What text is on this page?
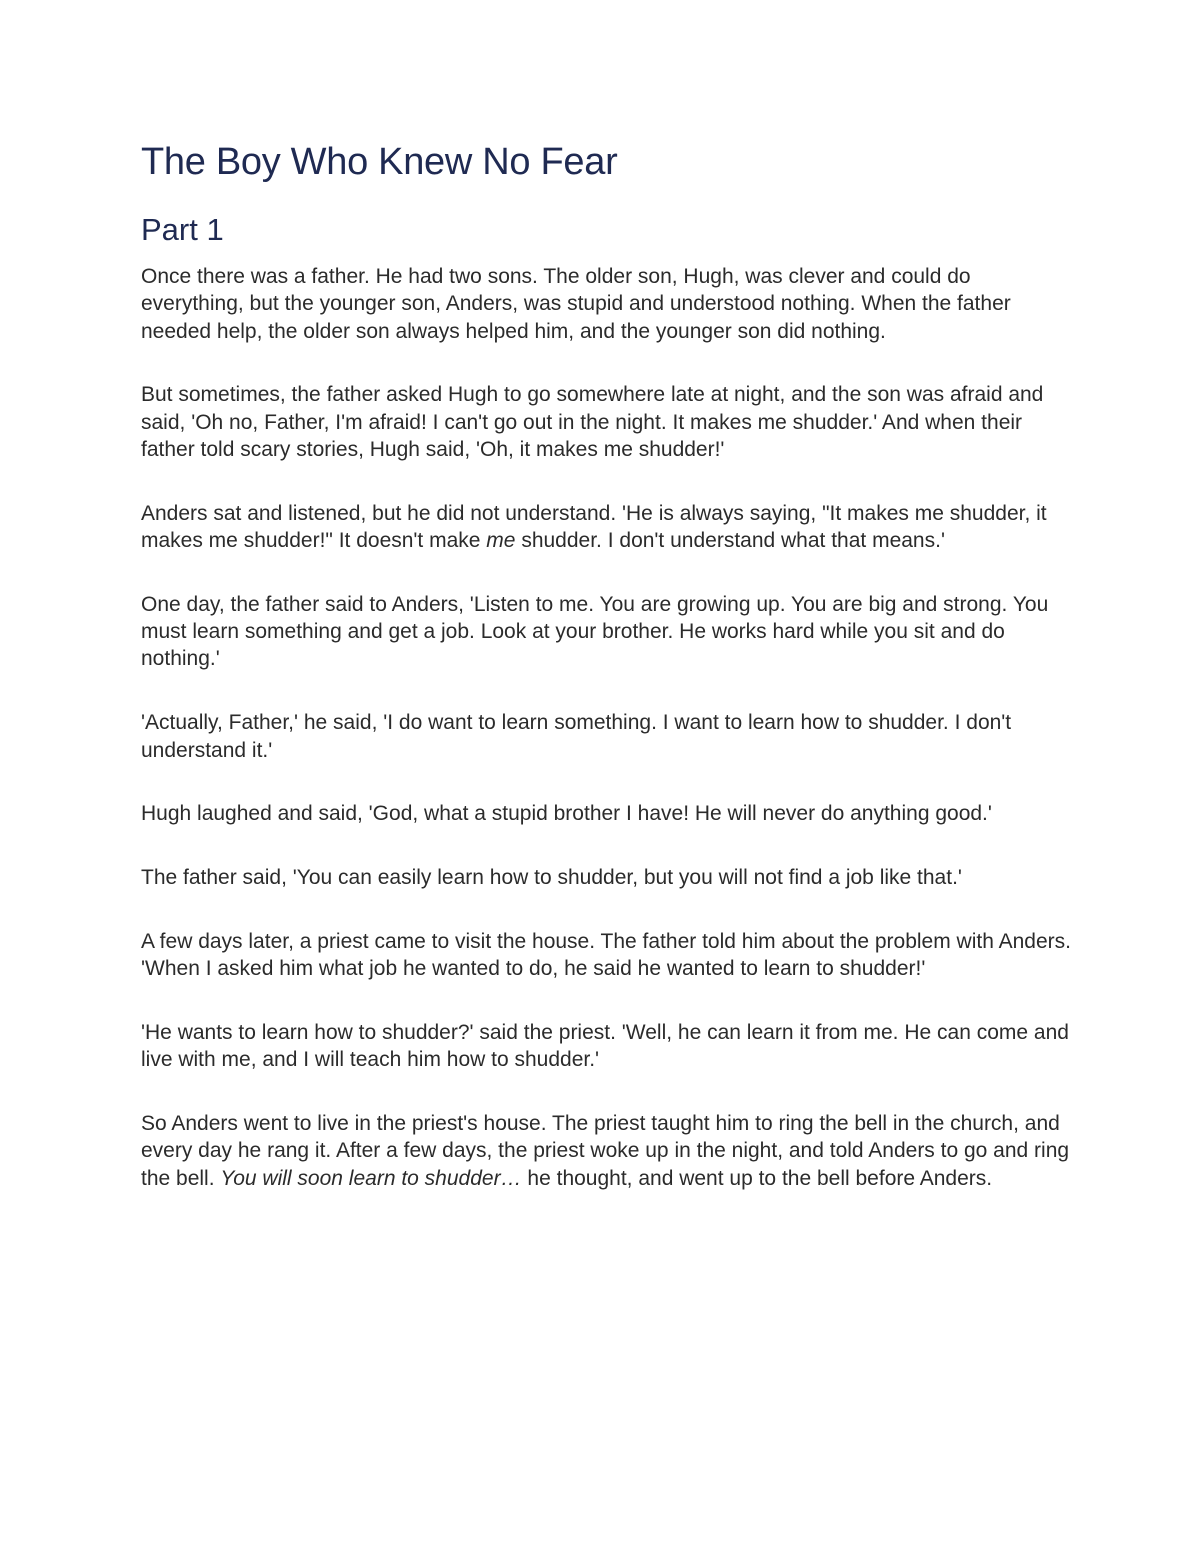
The Boy Who Knew No Fear
Part 1

Once there was a father. He had two sons. The older son, Hugh, was clever and could do everything, but the younger son, Anders, was stupid and understood nothing. When the father needed help, the older son always helped him, and the younger son did nothing.

But sometimes, the father asked Hugh to go somewhere late at night, and the son was afraid and said, 'Oh no, Father, I'm afraid! I can't go out in the night. It makes me shudder.' And when their father told scary stories, Hugh said, 'Oh, it makes me shudder!'

Anders sat and listened, but he did not understand. 'He is always saying, "It makes me shudder, it makes me shudder!" It doesn't make me shudder. I don't understand what that means.'

One day, the father said to Anders, 'Listen to me. You are growing up. You are big and strong. You must learn something and get a job. Look at your brother. He works hard while you sit and do nothing.'

'Actually, Father,' he said, 'I do want to learn something. I want to learn how to shudder. I don't understand it.'

Hugh laughed and said, 'God, what a stupid brother I have! He will never do anything good.'

The father said, 'You can easily learn how to shudder, but you will not find a job like that.'

A few days later, a priest came to visit the house. The father told him about the problem with Anders. 'When I asked him what job he wanted to do, he said he wanted to learn to shudder!'

'He wants to learn how to shudder?' said the priest. 'Well, he can learn it from me. He can come and live with me, and I will teach him how to shudder.'

So Anders went to live in the priest's house. The priest taught him to ring the bell in the church, and every day he rang it. After a few days, the priest woke up in the night, and told Anders to go and ring the bell. You will soon learn to shudder… he thought, and went up to the bell before Anders.
